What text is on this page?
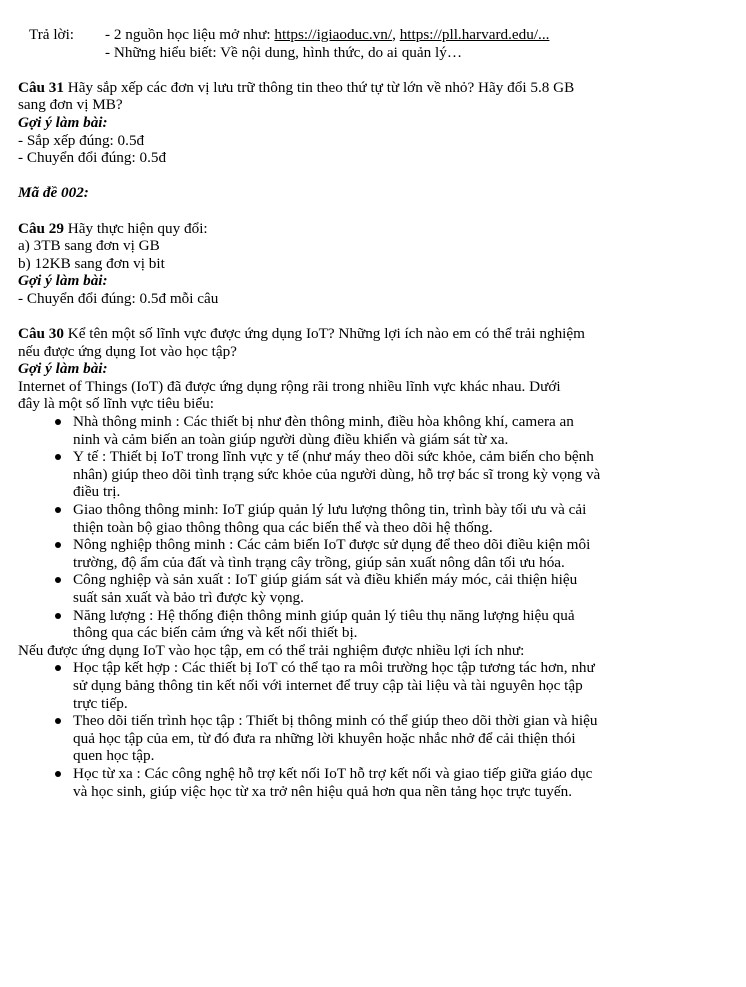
Trả lời:	- 2 nguồn học liệu mở như: https://igiaoduc.vn/, https://pll.harvard.edu/...
- Những hiểu biết: Về nội dung, hình thức, do ai quản lý…
Câu 31 Hãy sắp xếp các đơn vị lưu trữ thông tin theo thứ tự từ lớn về nhỏ? Hãy đổi 5.8 GB
sang đơn vị MB?
Gợi ý làm bài:
- Sắp xếp đúng: 0.5đ
- Chuyển đổi đúng: 0.5đ
Mã đề 002:
Câu 29 Hãy thực hiện quy đổi:
a) 3TB sang đơn vị GB
b) 12KB sang đơn vị bit
Gợi ý làm bài:
- Chuyển đổi đúng: 0.5đ mỗi câu
Câu 30 Kể tên một số lĩnh vực được ứng dụng IoT? Những lợi ích nào em có thể trải nghiệm
nếu được ứng dụng Iot vào học tập?
Gợi ý làm bài:
Internet of Things (IoT) đã được ứng dụng rộng rãi trong nhiều lĩnh vực khác nhau. Dưới
đây là một số lĩnh vực tiêu biểu:
Nhà thông minh : Các thiết bị như đèn thông minh, điều hòa không khí, camera an
ninh và cảm biến an toàn giúp người dùng điều khiển và giám sát từ xa.
Y tế : Thiết bị IoT trong lĩnh vực y tế (như máy theo dõi sức khỏe, cảm biến cho bệnh
nhân) giúp theo dõi tình trạng sức khỏe của người dùng, hỗ trợ bác sĩ trong kỳ vọng và
điều trị.
Giao thông thông minh: IoT giúp quản lý lưu lượng thông tin, trình bày tối ưu và cải
thiện toàn bộ giao thông thông qua các biến thể và theo dõi hệ thống.
Nông nghiệp thông minh : Các cảm biến IoT được sử dụng để theo dõi điều kiện môi
trường, độ ẩm của đất và tình trạng cây trồng, giúp sản xuất nông dân tối ưu hóa.
Công nghiệp và sản xuất : IoT giúp giám sát và điều khiển máy móc, cải thiện hiệu
suất sản xuất và bảo trì được kỳ vọng.
Năng lượng : Hệ thống điện thông minh giúp quản lý tiêu thụ năng lượng hiệu quả
thông qua các biến cảm ứng và kết nối thiết bị.
Nếu được ứng dụng IoT vào học tập, em có thể trải nghiệm được nhiều lợi ích như:
Học tập kết hợp : Các thiết bị IoT có thể tạo ra môi trường học tập tương tác hơn, như
sử dụng bảng thông tin kết nối với internet để truy cập tài liệu và tài nguyên học tập
trực tiếp.
Theo dõi tiến trình học tập : Thiết bị thông minh có thể giúp theo dõi thời gian và hiệu
quả học tập của em, từ đó đưa ra những lời khuyên hoặc nhắc nhở để cải thiện thói
quen học tập.
Học từ xa : Các công nghệ hỗ trợ kết nối IoT hỗ trợ kết nối và giao tiếp giữa giáo dục
và học sinh, giúp việc học từ xa trở nên hiệu quả hơn qua nền tảng học trực tuyến.
